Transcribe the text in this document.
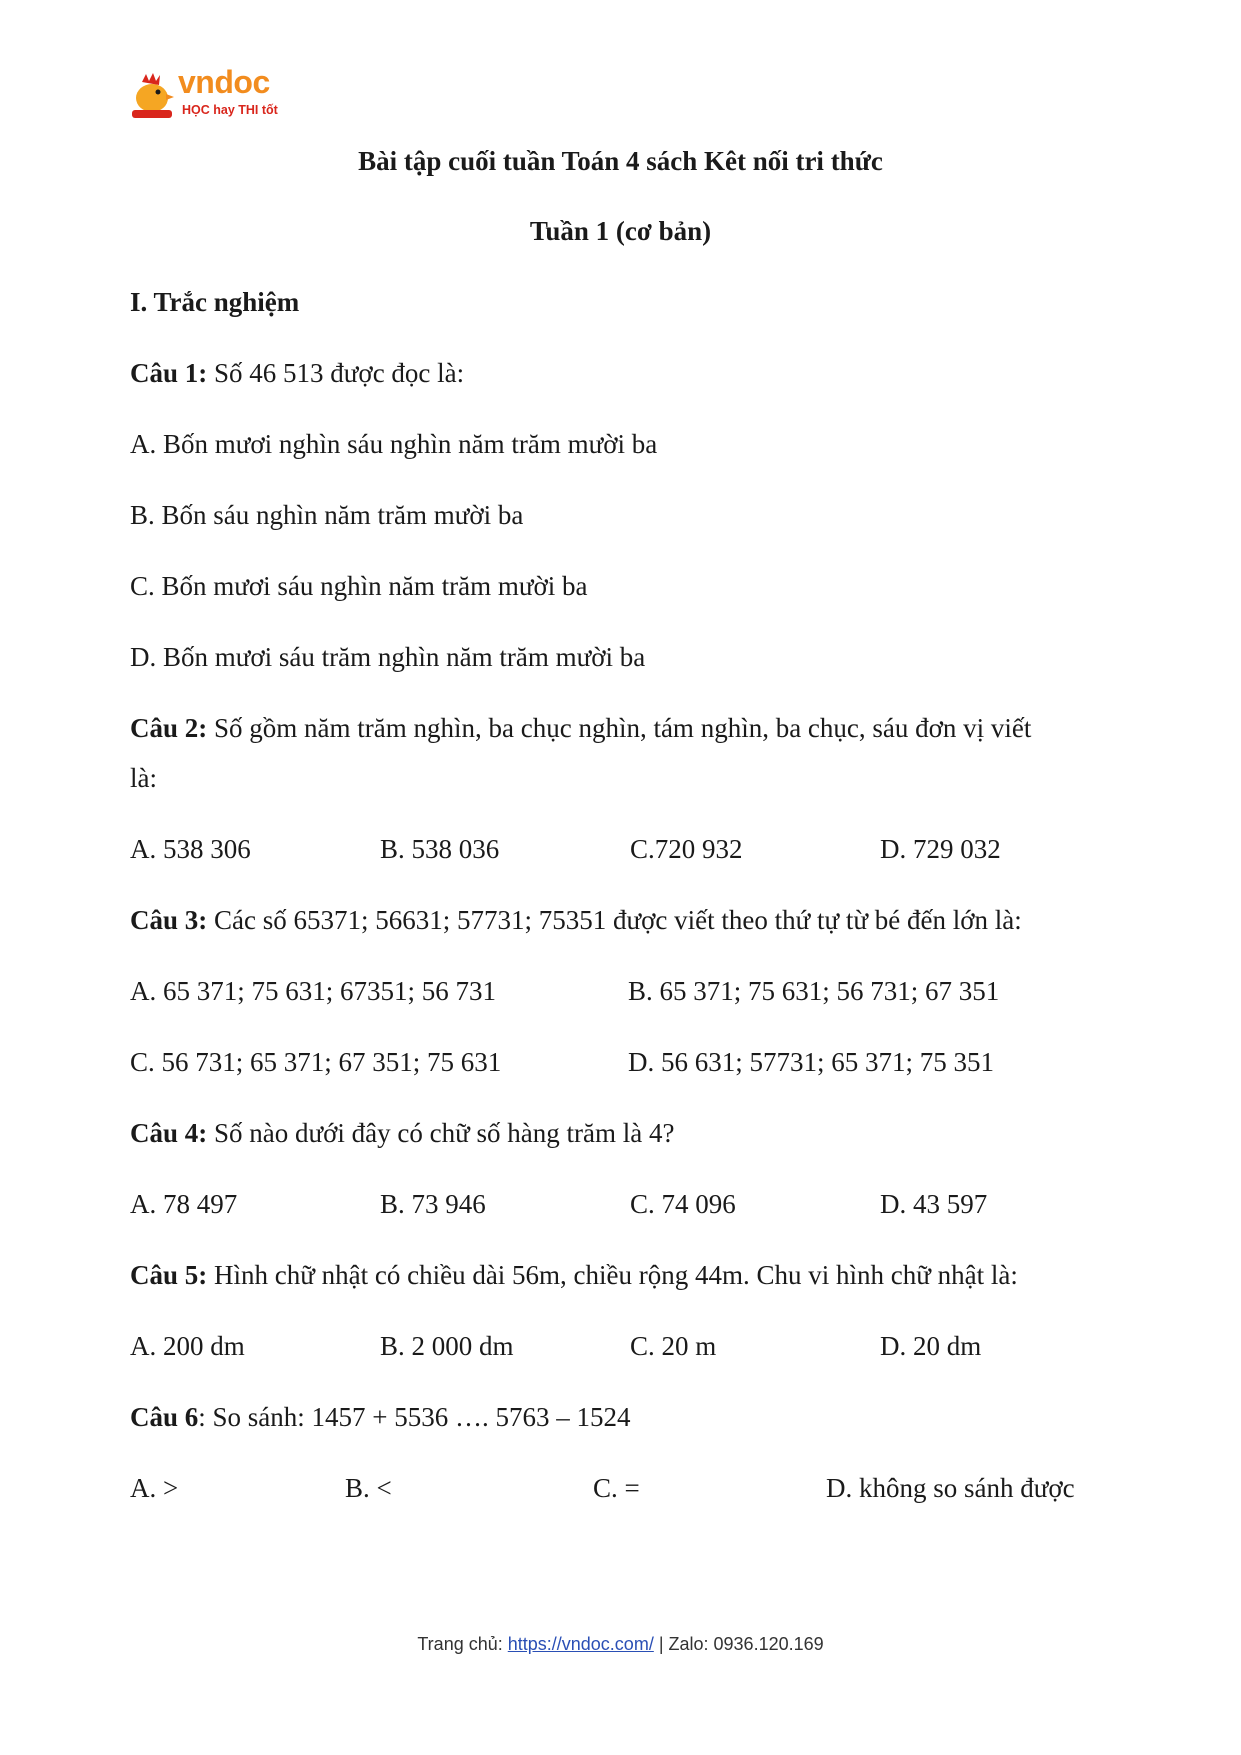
vndoc
HỌC hay THI tốt
Bài tập cuối tuần Toán 4 sách Kêt nối tri thức
Tuần 1 (cơ bản)
I. Trắc nghiệm
Câu 1: Số 46 513 được đọc là:
A. Bốn mươi nghìn sáu nghìn năm trăm mười ba
B. Bốn sáu nghìn năm trăm mười ba
C. Bốn mươi sáu nghìn năm trăm mười ba
D. Bốn mươi sáu trăm nghìn năm trăm mười ba
Câu 2: Số gồm năm trăm nghìn, ba chục nghìn, tám nghìn, ba chục, sáu đơn vị viết
là:
A. 538 306	B. 538 036	C.720 932	D. 729 032
Câu 3: Các số 65371; 56631; 57731; 75351 được viết theo thứ tự từ bé đến lớn là:
A. 65 371; 75 631; 67351; 56 731	B. 65 371; 75 631; 56 731; 67 351
C. 56 731; 65 371; 67 351; 75 631	D. 56 631; 57731; 65 371; 75 351
Câu 4: Số nào dưới đây có chữ số hàng trăm là 4?
A. 78 497	B. 73 946	C. 74 096	D. 43 597
Câu 5: Hình chữ nhật có chiều dài 56m, chiều rộng 44m. Chu vi hình chữ nhật là:
A. 200 dm	B. 2 000 dm	C. 20 m	D. 20 dm
Câu 6: So sánh: 1457 + 5536 …. 5763 – 1524
A. >	B. <	C. =	D. không so sánh được
Trang chủ: https://vndoc.com/ | Zalo: 0936.120.169
